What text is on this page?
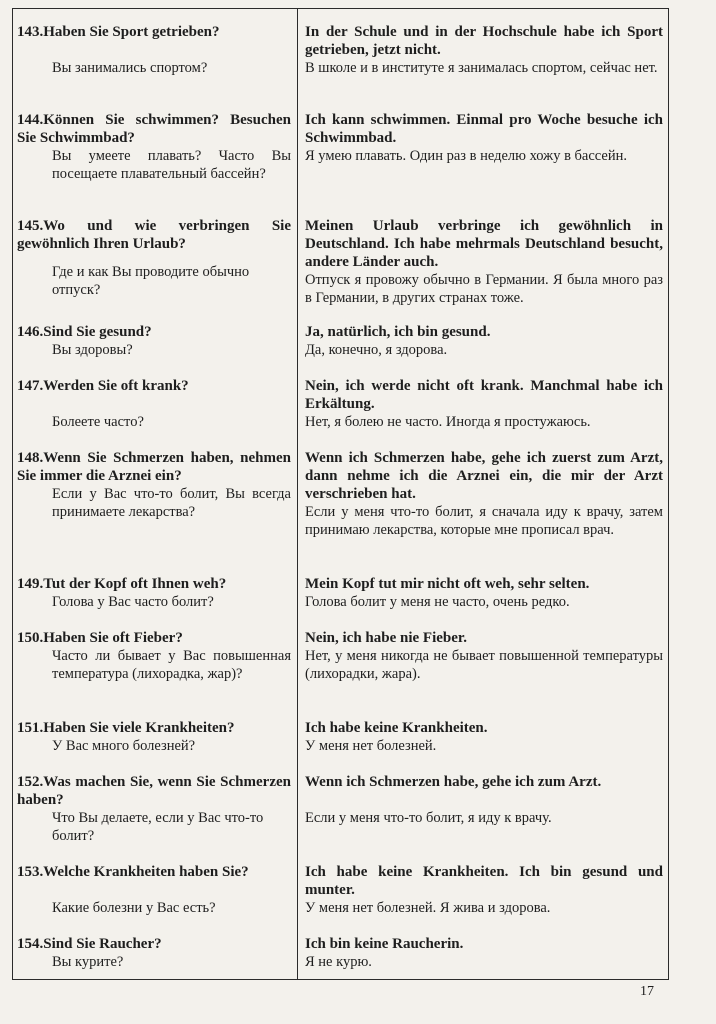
143.Haben Sie Sport getrieben?
Вы занимались спортом?
In der Schule und in der Hochschule habe ich Sport getrieben, jetzt nicht.
В школе и в институте я занималась спортом, сейчас нет.
144.Können Sie schwimmen? Besuchen Sie Schwimmbad?
Вы умеете плавать? Часто Вы посещаете плавательный бассейн?
Ich kann schwimmen. Einmal pro Woche besuche ich Schwimmbad.
Я умею плавать. Один раз в неделю хожу в бассейн.
145.Wo und wie verbringen Sie gewöhnlich Ihren Urlaub?
Где и как Вы проводите обычно отпуск?
Meinen Urlaub verbringe ich gewöhnlich in Deutschland. Ich habe mehrmals Deutschland besucht, andere Länder auch.
Отпуск я провожу обычно в Германии. Я была много раз в Германии, в других странах тоже.
146.Sind Sie gesund?
Вы здоровы?
Ja, natürlich, ich bin gesund.
Да, конечно, я здорова.
147.Werden Sie oft krank?
Болеете часто?
Nein, ich werde nicht oft krank. Manchmal habe ich Erkältung.
Нет, я болею не часто. Иногда я простужаюсь.
148.Wenn Sie Schmerzen haben, nehmen Sie immer die Arznei ein?
Если у Вас что-то болит, Вы всегда принимаете лекарства?
Wenn ich Schmerzen habe, gehe ich zuerst zum Arzt, dann nehme ich die Arznei ein, die mir der Arzt verschrieben hat.
Если у меня что-то болит, я сначала иду к врачу, затем принимаю лекарства, которые мне прописал врач.
149.Tut der Kopf oft Ihnen weh?
Голова у Вас часто болит?
Mein Kopf tut mir nicht oft weh, sehr selten.
Голова болит у меня не часто, очень редко.
150.Haben Sie oft Fieber?
Часто ли бывает у Вас повышенная температура (лихорадка, жар)?
Nein, ich habe nie Fieber.
Нет, у меня никогда не бывает повышенной температуры (лихорадки, жара).
151.Haben Sie viele Krankheiten?
У Вас много болезней?
Ich habe keine Krankheiten.
У меня нет болезней.
152.Was machen Sie, wenn Sie Schmerzen haben?
Что Вы делаете, если у Вас что-то болит?
Wenn ich Schmerzen habe, gehe ich zum Arzt.
Если у меня что-то болит, я иду к врачу.
153.Welche Krankheiten haben Sie?
Какие болезни у Вас есть?
Ich habe keine Krankheiten. Ich bin gesund und munter.
У меня нет болезней. Я жива и здорова.
154.Sind Sie Raucher?
Вы курите?
Ich bin keine Raucherin.
Я не курю.
17
